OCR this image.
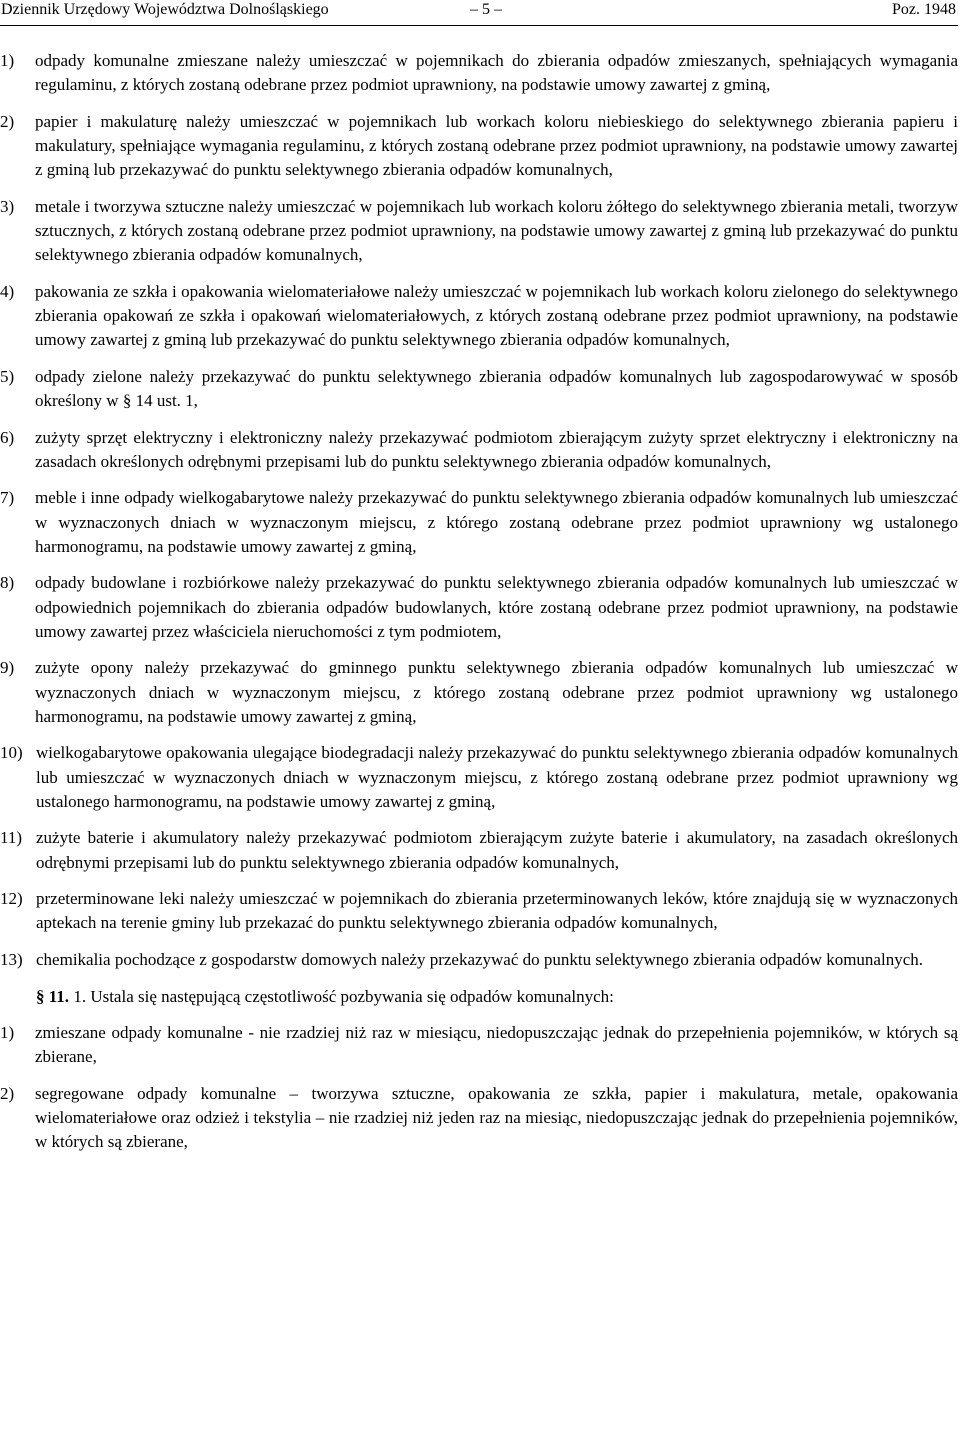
Dziennik Urzędowy Województwa Dolnośląskiego	– 5 –	Poz. 1948
1)	odpady komunalne zmieszane należy umieszczać w pojemnikach do zbierania odpadów zmieszanych, spełniających wymagania regulaminu, z których zostaną odebrane przez podmiot uprawniony, na podstawie umowy zawartej z gminą,
2)	papier i makulaturę należy umieszczać w pojemnikach lub workach koloru niebieskiego do selektywnego zbierania papieru i makulatury, spełniające wymagania regulaminu, z których zostaną odebrane przez podmiot uprawniony, na podstawie umowy zawartej z gminą lub przekazywać do punktu selektywnego zbierania odpadów komunalnych,
3)	metale i tworzywa sztuczne należy umieszczać w pojemnikach lub workach koloru żółtego do selektywnego zbierania metali, tworzyw sztucznych, z których zostaną odebrane przez podmiot uprawniony, na podstawie umowy zawartej z gminą lub przekazywać do punktu selektywnego zbierania odpadów komunalnych,
4)	pakowania ze szkła i opakowania wielomateriałowe należy umieszczać w pojemnikach lub workach koloru zielonego do selektywnego zbierania opakowań ze szkła i opakowań wielomateriałowych, z których zostaną odebrane przez podmiot uprawniony, na podstawie umowy zawartej z gminą lub przekazywać do punktu selektywnego zbierania odpadów komunalnych,
5)	odpady zielone należy przekazywać do punktu selektywnego zbierania odpadów komunalnych lub zagospodarowywać w sposób określony w § 14 ust. 1,
6)	zużyty sprzęt elektryczny i elektroniczny należy przekazywać podmiotom zbierającym zużyty sprzet elektryczny i elektroniczny na zasadach określonych odrębnymi przepisami lub do punktu selektywnego zbierania odpadów komunalnych,
7)	meble i inne odpady wielkogabarytowe należy przekazywać do punktu selektywnego zbierania odpadów komunalnych lub umieszczać w wyznaczonych dniach w wyznaczonym miejscu, z którego zostaną odebrane przez podmiot uprawniony wg ustalonego harmonogramu, na podstawie umowy zawartej z gminą,
8)	odpady budowlane i rozbiórkowe należy przekazywać do punktu selektywnego zbierania odpadów komunalnych lub umieszczać w odpowiednich pojemnikach do zbierania odpadów budowlanych, które zostaną odebrane przez podmiot uprawniony, na podstawie umowy zawartej przez właściciela nieruchomości z tym podmiotem,
9)	zużyte opony należy przekazywać do gminnego punktu selektywnego zbierania odpadów komunalnych lub umieszczać w wyznaczonych dniach w wyznaczonym miejscu, z którego zostaną odebrane przez podmiot uprawniony wg ustalonego harmonogramu, na podstawie umowy zawartej z gminą,
10) wielkogabarytowe opakowania ulegające biodegradacji należy przekazywać do punktu selektywnego zbierania odpadów komunalnych lub umieszczać w wyznaczonych dniach w wyznaczonym miejscu, z którego zostaną odebrane przez podmiot uprawniony wg ustalonego harmonogramu, na podstawie umowy zawartej z gminą,
11) zużyte baterie i akumulatory należy przekazywać podmiotom zbierającym zużyte baterie i akumulatory, na zasadach określonych odrębnymi przepisami lub do punktu selektywnego zbierania odpadów komunalnych,
12) przeterminowane leki należy umieszczać w pojemnikach do zbierania przeterminowanych leków, które znajdują się w wyznaczonych aptekach na terenie gminy lub przekazać do punktu selektywnego zbierania odpadów komunalnych,
13) chemikalia pochodzące z gospodarstw domowych należy przekazywać do punktu selektywnego zbierania odpadów komunalnych.
§ 11. 1. Ustala się następującą częstotliwość pozbywania się odpadów komunalnych:
1)	zmieszane odpady komunalne - nie rzadziej niż raz w miesiącu, niedopuszczając jednak do przepełnienia pojemników, w których są zbierane,
2)	segregowane odpady komunalne – tworzywa sztuczne, opakowania ze szkła, papier i makulatura, metale, opakowania wielomateriałowe oraz odzież i tekstylia – nie rzadziej niż jeden raz na miesiąc, niedopuszczając jednak do przepełnienia pojemników, w których są zbierane,
